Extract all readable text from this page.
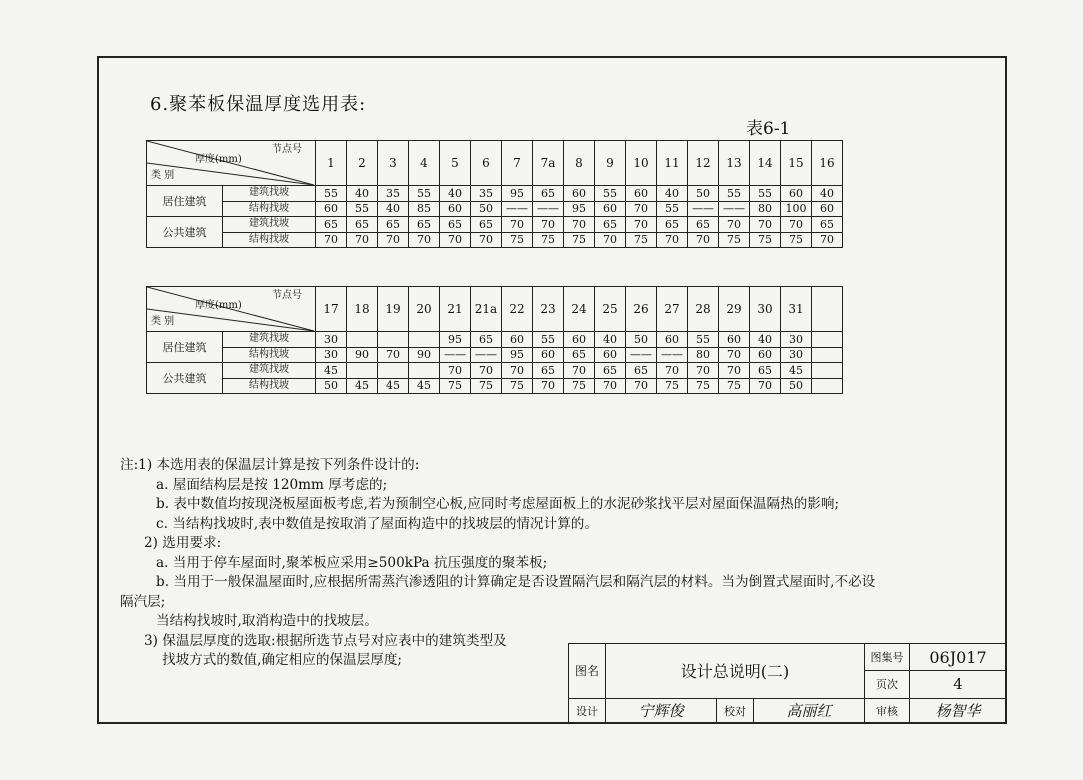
6.聚苯板保温厚度选用表:
表6-1
节点号
厚度(mm)
类 别		1	2	3	4	5	6	7	7a	8	9	10	11	12	13	14	15	16
居住建筑	建筑找坡	55	40	35	55	40	35	95	65	60	55	60	40	50	55	55	60	40
	结构找坡	60	55	40	85	60	50	——	——	95	60	70	55	——	——	80	100	60
公共建筑	建筑找坡	65	65	65	65	65	65	70	70	70	65	70	65	65	70	70	70	65
	结构找坡	70	70	70	70	70	70	75	75	75	70	75	70	70	75	75	75	70
节点号
厚度(mm)
类 别		17	18	19	20	21	21a	22	23	24	25	26	27	28	29	30	31	
居住建筑	建筑找坡	30				95	65	60	55	60	40	50	60	55	60	40	30	
	结构找坡	30	90	70	90	——	——	95	60	65	60	——	——	80	70	60	30	
公共建筑	建筑找坡	45				70	70	70	65	70	65	65	70	70	70	65	45	
	结构找坡	50	45	45	45	75	75	75	70	75	70	70	75	75	75	70	50	
注:1) 本选用表的保温层计算是按下列条件设计的:
a. 屋面结构层是按 120mm 厚考虑的;
b. 表中数值均按现浇板屋面板考虑,若为预制空心板,应同时考虑屋面板上的水泥砂浆找平层对屋面保温隔热的影响;
c. 当结构找坡时,表中数值是按取消了屋面构造中的找坡层的情况计算的。
2) 选用要求:
a. 当用于停车屋面时,聚苯板应采用≥500kPa 抗压强度的聚苯板;
b. 当用于一般保温屋面时,应根据所需蒸汽渗透阻的计算确定是否设置隔汽层和隔汽层的材料。当为倒置式屋面时,不必设
隔汽层;
当结构找坡时,取消构造中的找坡层。
3) 保温层厚度的选取:根据所选节点号对应表中的建筑类型及
找坡方式的数值,确定相应的保温层厚度;
图名	设计总说明(二)			图集号	06J017
				页次	4
设计	宁辉俊	校对	高丽红	审核	杨智华
